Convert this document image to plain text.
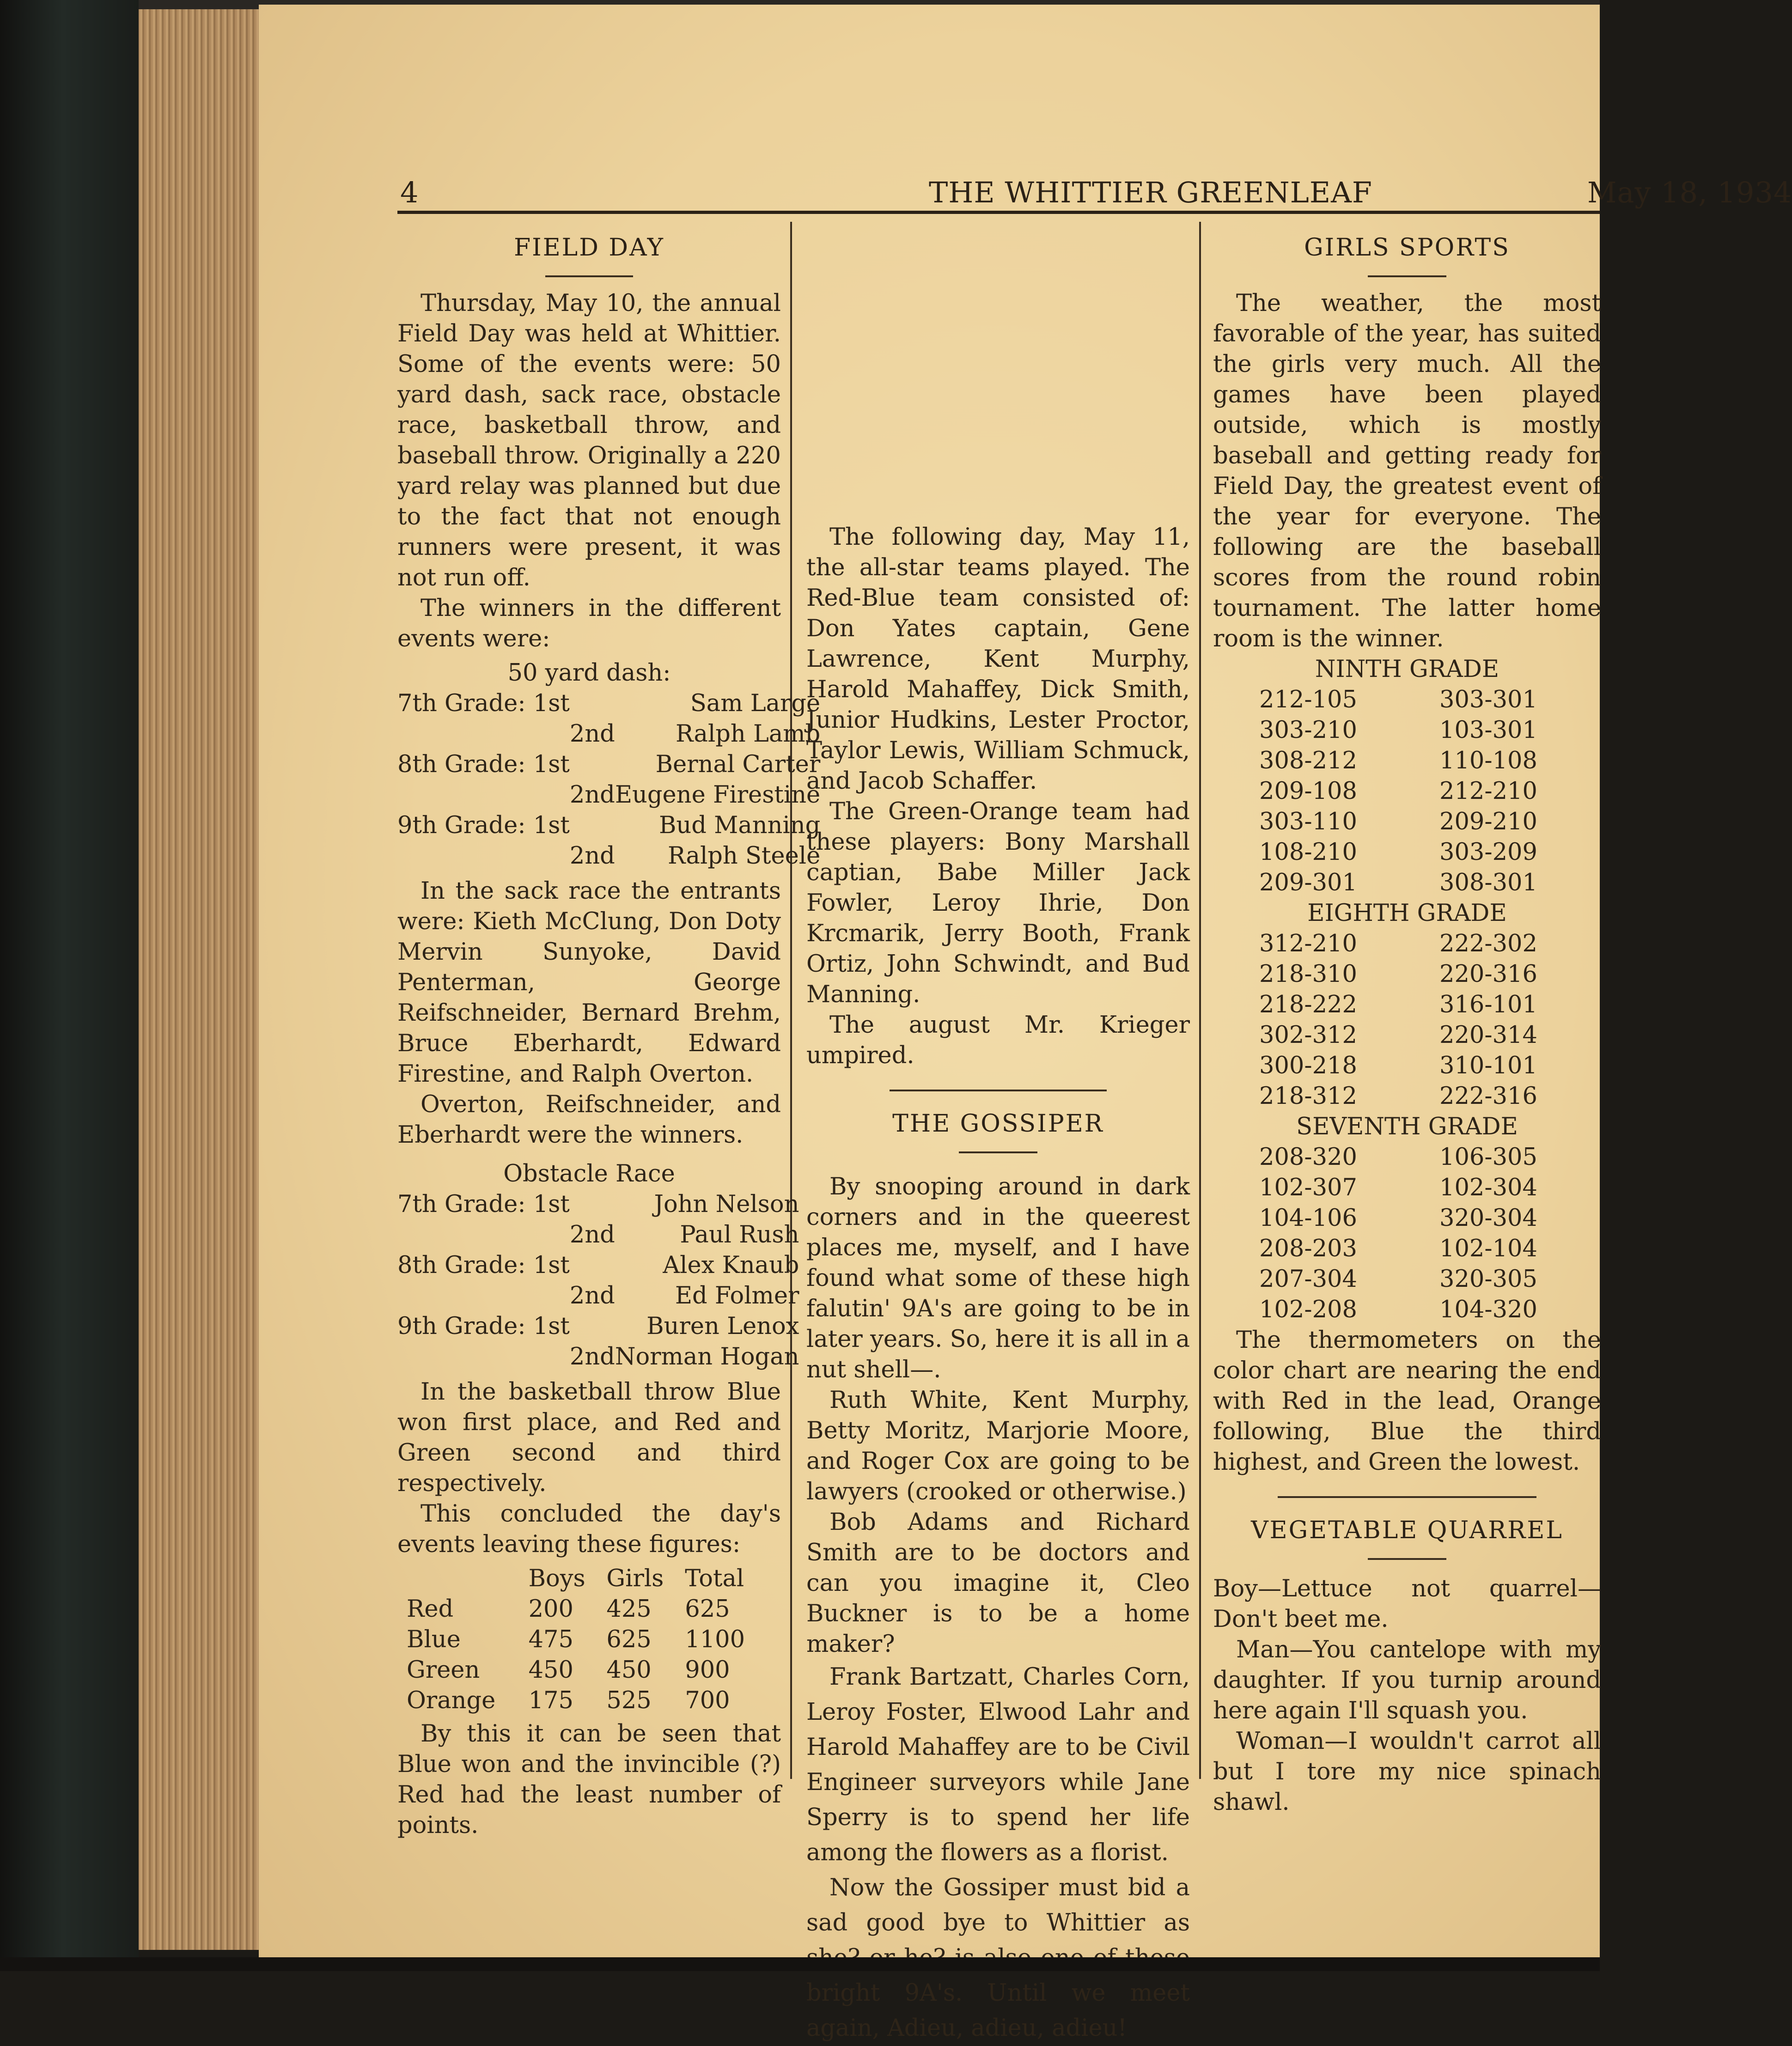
4	THE WHITTIER GREENLEAF	May 18, 1934
FIELD DAY

Thursday, May 10, the annual Field Day was held at Whittier. Some of the events were: 50 yard dash, sack race, obstacle race, basketball throw, and baseball throw. Originally a 220 yard relay was planned but due to the fact that not enough runners were present, it was not run off.

The winners in the different events were:

50 yard dash:
7th Grade: 1st		Sam Large
	2nd	Ralph Lamb
8th Grade: 1st		Bernal Carter
	2nd	Eugene Firestine
9th Grade: 1st		Bud Manning
	2nd	Ralph Steele

In the sack race the entrants were: Kieth McClung, Don Doty Mervin Sunyoke, David Penterman, George Reifschneider, Bernard Brehm, Bruce Eberhardt, Edward Firestine, and Ralph Overton.

Overton, Reifschneider, and Eberhardt were the winners.

Obstacle Race
7th Grade: 1st		John Nelson
	2nd	Paul Rush
8th Grade: 1st		Alex Knaub
	2nd	Ed Folmer
9th Grade: 1st		Buren Lenox
	2nd	Norman Hogan

In the basketball throw Blue won first place, and Red and Green second and third respectively.

This concluded the day's events leaving these figures:

	Boys	Girls	Total
Red	200	425	625
Blue	475	625	1100
Green	450	450	900
Orange	175	525	700

By this it can be seen that Blue won and the invincible (?) Red had the least number of points.

The following day, May 11, the all-star teams played. The Red-Blue team consisted of: Don Yates captain, Gene Lawrence, Kent Murphy, Harold Mahaffey, Dick Smith, Junior Hudkins, Lester Proctor, Taylor Lewis, William Schmuck, and Jacob Schaffer.

The Green-Orange team had these players: Bony Marshall captian, Babe Miller Jack Fowler, Leroy Ihrie, Don Krcmarik, Jerry Booth, Frank Ortiz, John Schwindt, and Bud Manning.

The august Mr. Krieger umpired.

THE GOSSIPER

By snooping around in dark corners and in the queerest places me, myself, and I have found what some of these high falutin' 9A's are going to be in later years. So, here it is all in a nut shell—.

Ruth White, Kent Murphy, Betty Moritz, Marjorie Moore, and Roger Cox are going to be lawyers (crooked or otherwise.)

Bob Adams and Richard Smith are to be doctors and can you imagine it, Cleo Buckner is to be a home maker?

Frank Bartzatt, Charles Corn, Leroy Foster, Elwood Lahr and Harold Mahaffey are to be Civil Engineer surveyors while Jane Sperry is to spend her life among the flowers as a florist.

Now the Gossiper must bid a sad good bye to Whittier as bright 9A's. Until we meet again, Adieu, adieu, adieu!

GIRLS SPORTS

The weather, the most favorable of the year, has suited the girls very much. All the games have been played outside, which is mostly baseball and getting ready for Field Day, the greatest event of the year for everyone. The following are the baseball scores from the round robin tournament. The latter home room is the winner.

NINTH GRADE
212-105	303-301
303-210	103-301
308-212	110-108
209-108	212-210
303-110	209-210
108-210	303-209
209-301	308-301
EIGHTH GRADE
312-210	222-302
218-310	220-316
218-222	316-101
302-312	220-314
300-218	310-101
218-312	222-316
SEVENTH GRADE
208-320	106-305
102-307	102-304
104-106	320-304
208-203	102-104
207-304	320-305
102-208	104-320

The thermometers on the color chart are nearing the end with Red in the lead, Orange following, Blue the third highest, and Green the lowest.

VEGETABLE QUARREL

Boy—Lettuce not quarrel—Don't beet me.

Man—You cantelope with my daughter. If you turnip around here again I'll squash you.

Woman—I wouldn't carrot all but I tore my nice spinach shawl.
